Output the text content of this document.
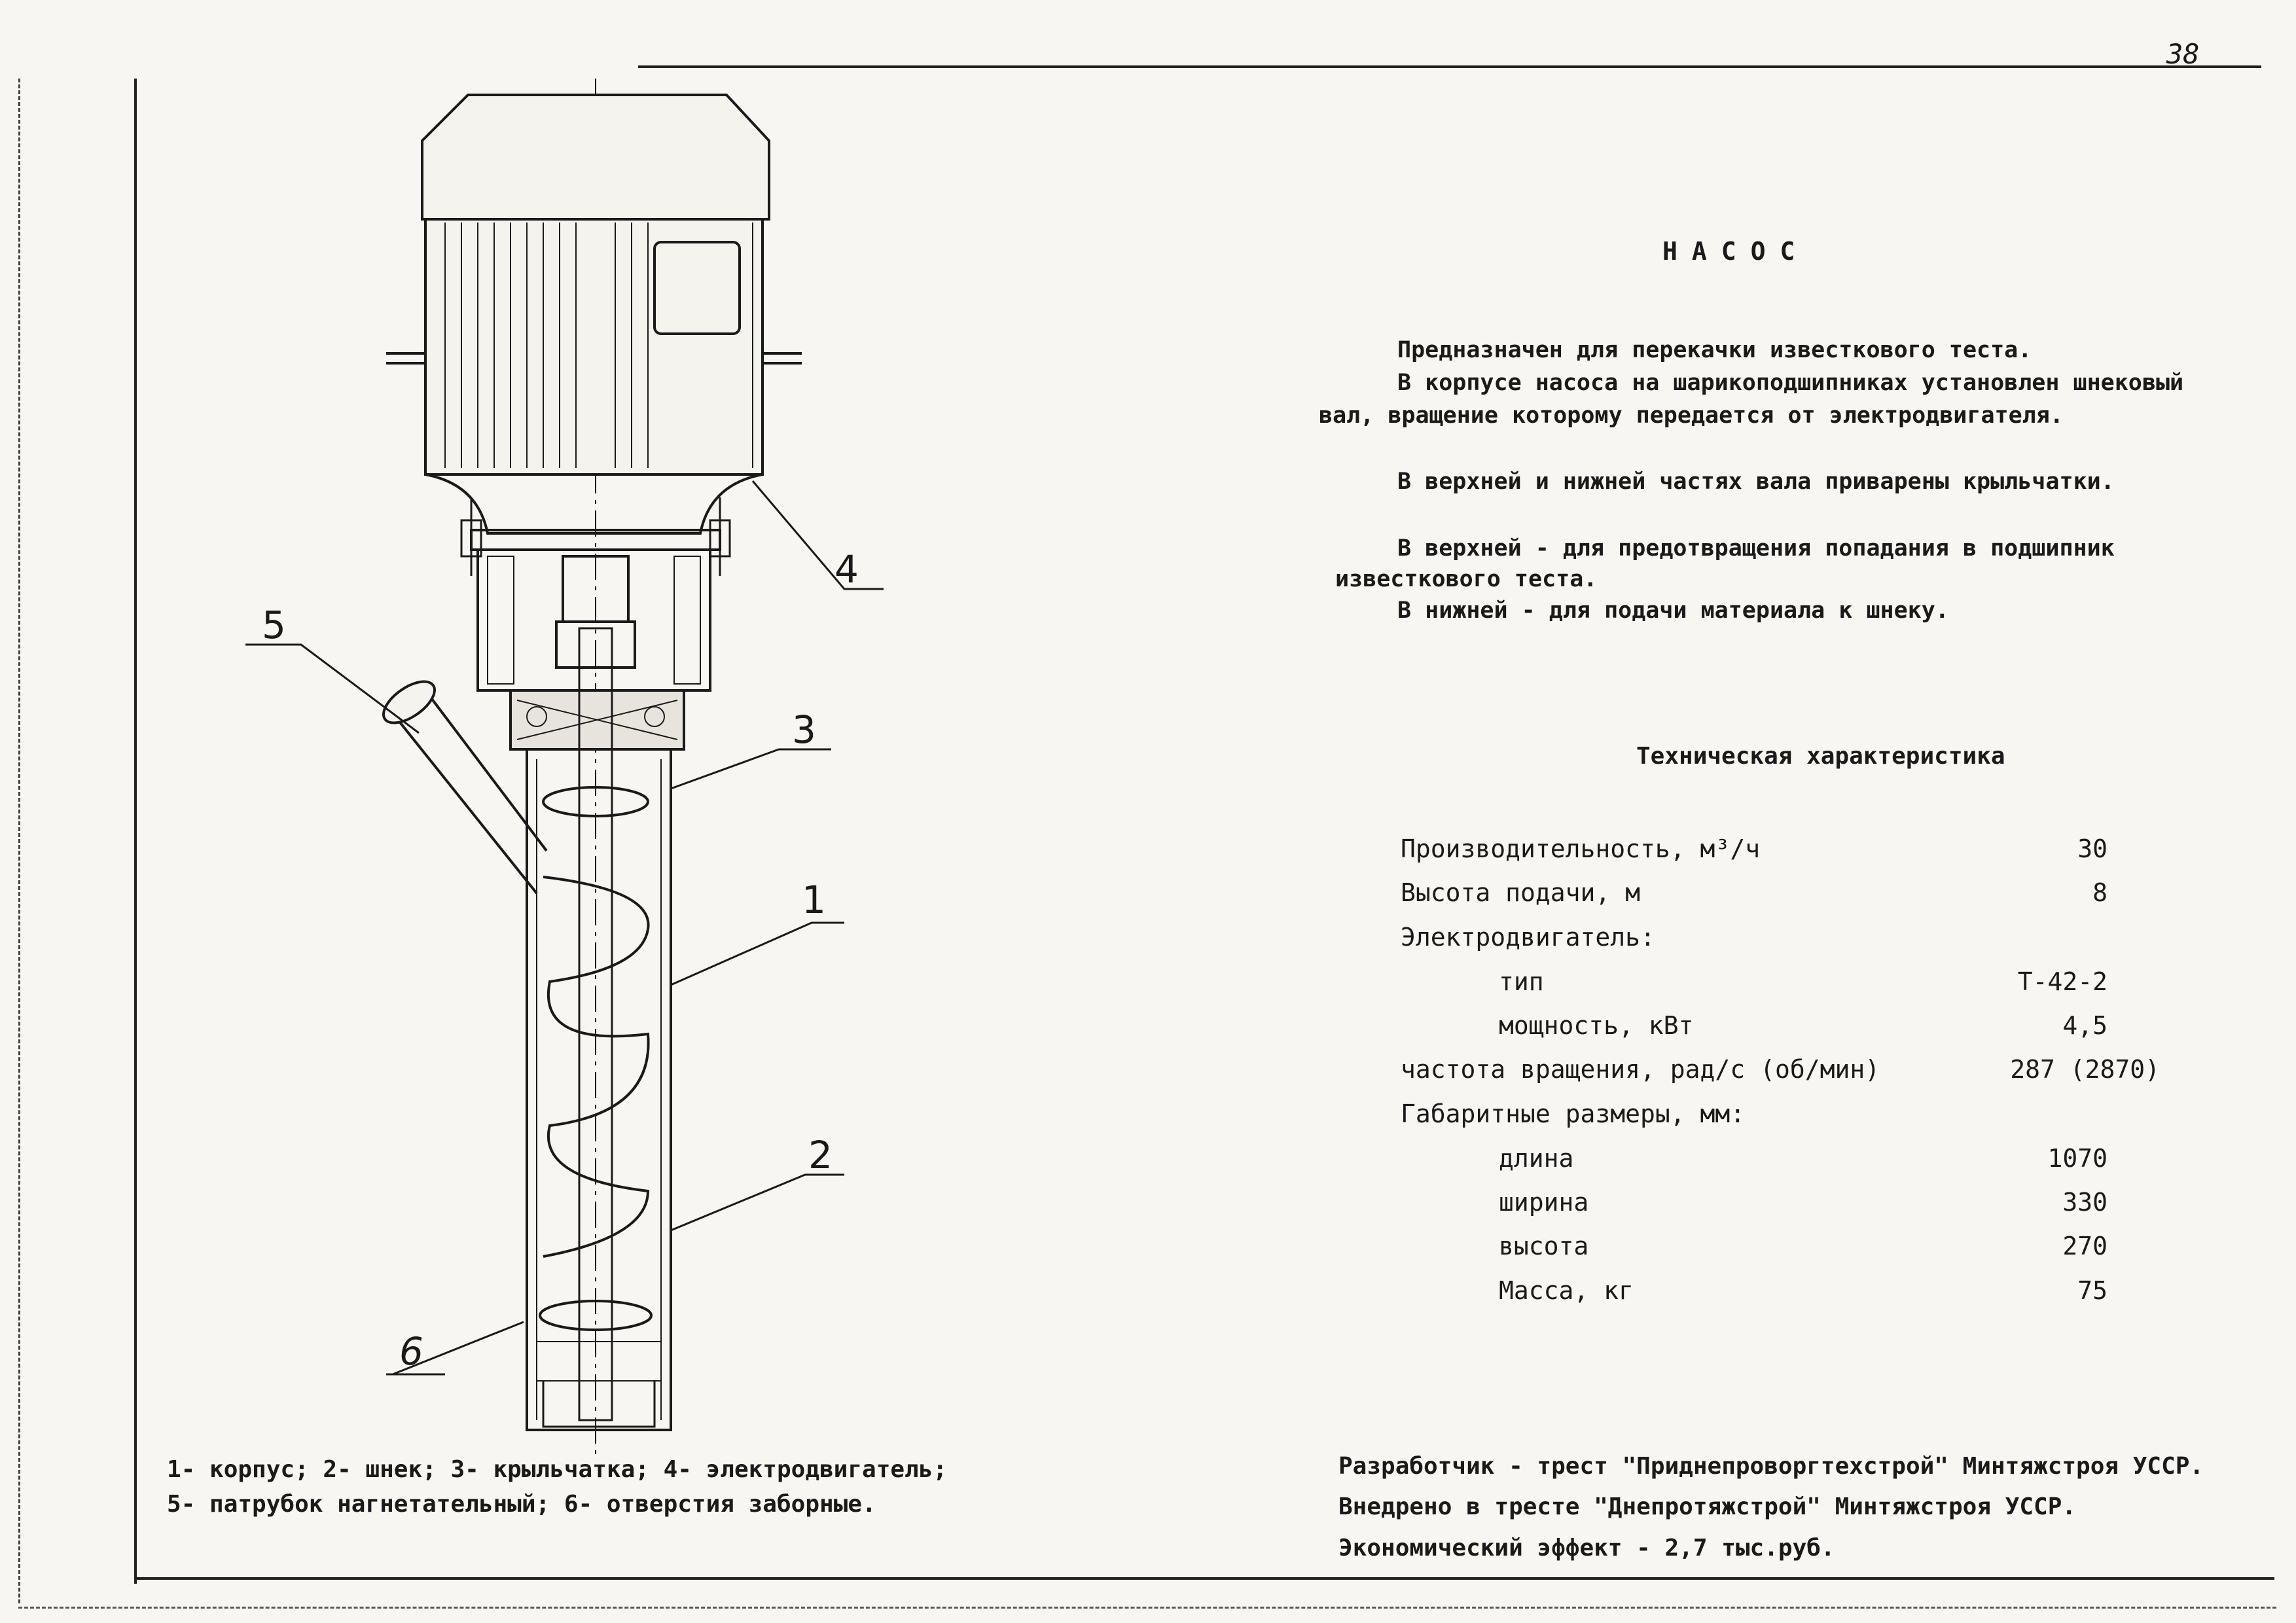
38
4
3
1
2
5
6
НАСОС
Предназначен для перекачки известкового теста.
В корпусе насоса на шарикоподшипниках установлен шнековый
вал, вращение которому передается от электродвигателя.
В верхней и нижней частях вала приварены крыльчатки.
В верхней - для предотвращения попадания в подшипник
известкового теста.
В нижней - для подачи материала к шнеку.
Техническая характеристика
Производительность, м³/ч	30
Высота подачи, м	8
Электродвигатель:
тип	Т-42-2
мощность, кВт	4,5
частота вращения, рад/с (об/мин)	287 (2870)
Габаритные размеры, мм:
длина	1070
ширина	330
высота	270
Масса, кг	75
1- корпус; 2- шнек; 3- крыльчатка; 4- электродвигатель;
5- патрубок нагнетательный; 6- отверстия заборные.
Разработчик - трест "Приднепроворгтехстрой" Минтяжстроя УССР.
Внедрено в тресте "Днепротяжстрой" Минтяжстроя УССР.
Экономический эффект - 2,7 тыс.руб.
